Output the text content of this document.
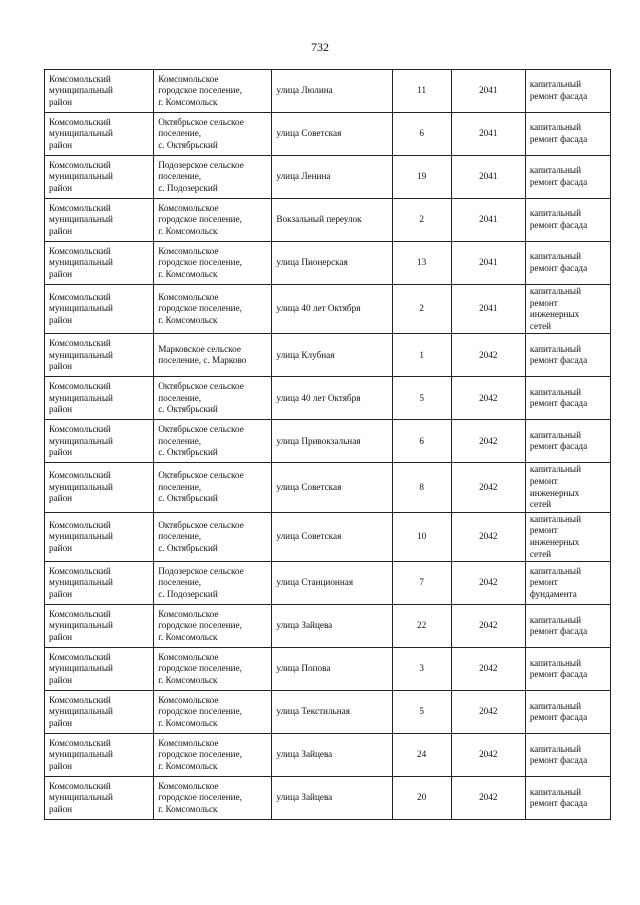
732
Комсомольский
муниципальный
район	Комсомольское
городское поселение,
г. Комсомольск	улица Люлина	11	2041	капитальный
ремонт фасада

Комсомольский
муниципальный
район	Октябрьское сельское
поселение,
с. Октябрьский	улица Советская	6	2041	капитальный
ремонт фасада

Комсомольский
муниципальный
район	Подозерское сельское
поселение,
с. Подозерский	улица Ленина	19	2041	капитальный
ремонт фасада

Комсомольский
муниципальный
район	Комсомольское
городское поселение,
г. Комсомольск	Вокзальный переулок	2	2041	капитальный
ремонт фасада

Комсомольский
муниципальный
район	Комсомольское
городское поселение,
г. Комсомольск	улица Пионерская	13	2041	капитальный
ремонт фасада

Комсомольский
муниципальный
район	Комсомольское
городское поселение,
г. Комсомольск	улица 40 лет Октября	2	2041	капитальный
ремонт
инженерных
сетей

Комсомольский
муниципальный
район	Марковское сельское
поселение, с. Марково	улица Клубная	1	2042	капитальный
ремонт фасада

Комсомольский
муниципальный
район	Октябрьское сельское
поселение,
с. Октябрьский	улица 40 лет Октября	5	2042	капитальный
ремонт фасада

Комсомольский
муниципальный
район	Октябрьское сельское
поселение,
с. Октябрьский	улица Привокзальная	6	2042	капитальный
ремонт фасада

Комсомольский
муниципальный
район	Октябрьское сельское
поселение,
с. Октябрьский	улица Советская	8	2042	капитальный
ремонт
инженерных
сетей

Комсомольский
муниципальный
район	Октябрьское сельское
поселение,
с. Октябрьский	улица Советская	10	2042	капитальный
ремонт
инженерных
сетей

Комсомольский
муниципальный
район	Подозерское сельское
поселение,
с. Подозерский	улица Станционная	7	2042	капитальный
ремонт
фундамента

Комсомольский
муниципальный
район	Комсомольское
городское поселение,
г. Комсомольск	улица Зайцева	22	2042	капитальный
ремонт фасада

Комсомольский
муниципальный
район	Комсомольское
городское поселение,
г. Комсомольск	улица Попова	3	2042	капитальный
ремонт фасада

Комсомольский
муниципальный
район	Комсомольское
городское поселение,
г. Комсомольск	улица Текстильная	5	2042	капитальный
ремонт фасада

Комсомольский
муниципальный
район	Комсомольское
городское поселение,
г. Комсомольск	улица Зайцева	24	2042	капитальный
ремонт фасада

Комсомольский
муниципальный
район	Комсомольское
городское поселение,
г. Комсомольск	улица Зайцева	20	2042	капитальный
ремонт фасада
